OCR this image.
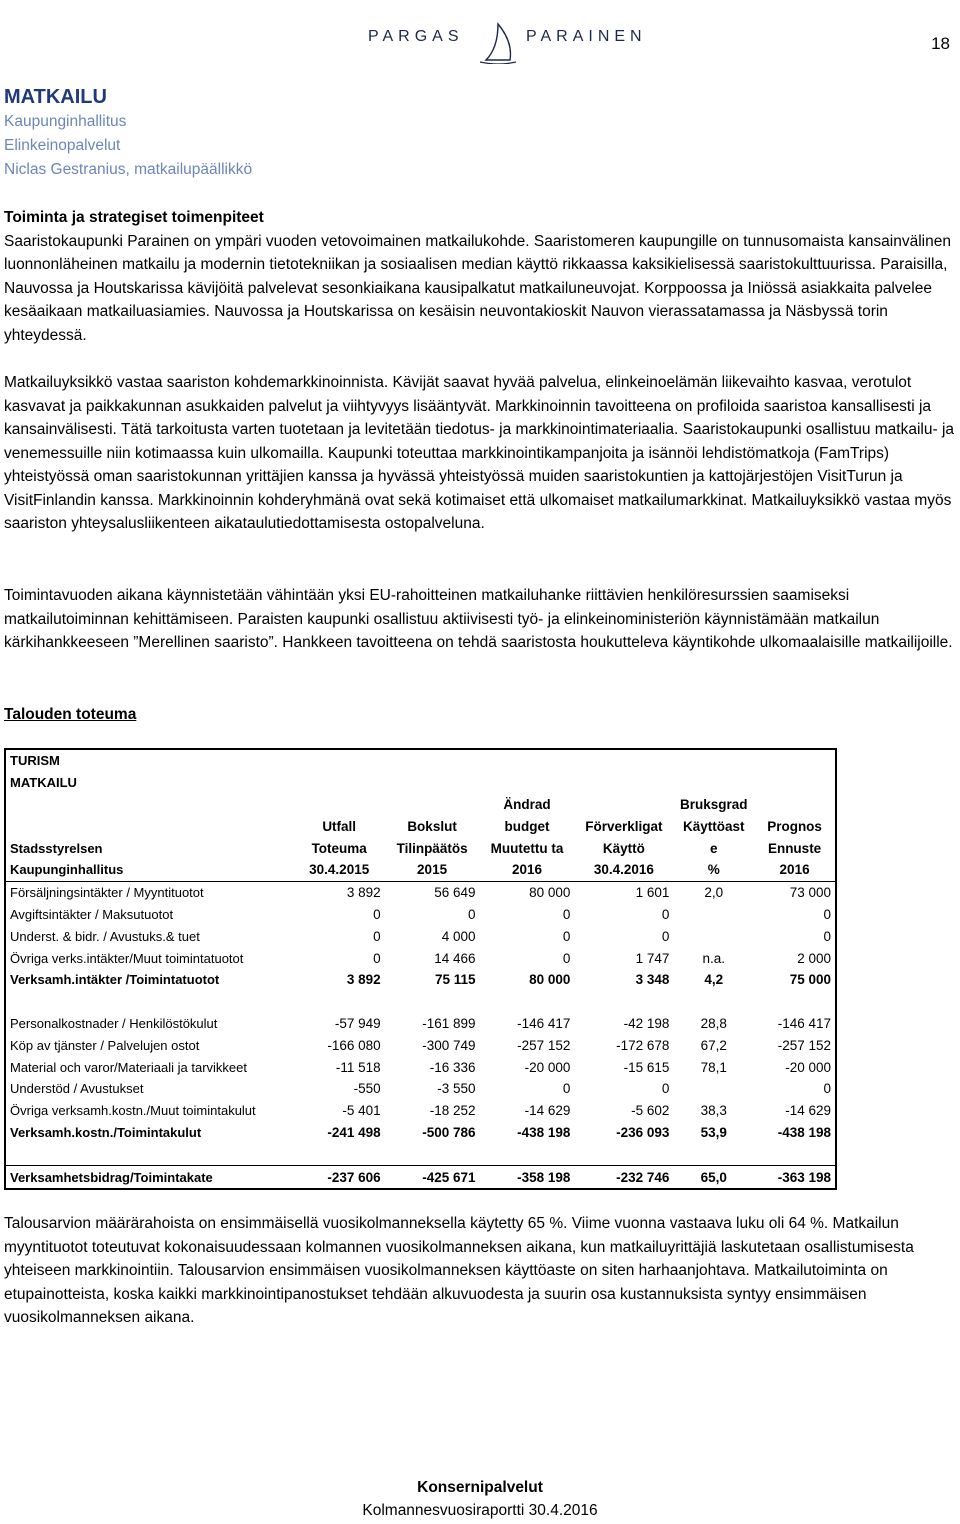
PARGAS	PARAINEN	18
MATKAILU
Kaupunginhallitus
Elinkeinopalvelut
Niclas Gestranius, matkailupäällikkö

Toiminta ja strategiset toimenpiteet

Saaristokaupunki Parainen on ympäri vuoden vetovoimainen matkailukohde. Saaristomeren kaupungille on tunnusomaista kansainvälinen luonnonläheinen matkailu ja modernin tietotekniikan ja sosiaalisen median käyttö rikkaassa kaksikielisessä saaristokulttuurissa. Paraisilla, Nauvossa ja Houtskarissa kävijöitä palvelevat sesonkiaikana kausipalkatut matkailuneuvojat. Korppoossa ja Iniössä asiakkaita palvelee kesäaikaan matkailuasiamies. Nauvossa ja Houtskarissa on kesäisin neuvontakioskit Nauvon vierassatamassa ja Näsbyssä torin yhteydessä.

Matkailuyksikkö vastaa saariston kohdemarkkinoinnista. Kävijät saavat hyvää palvelua, elinkeinoelämän liikevaihto kasvaa, verotulot kasvavat ja paikkakunnan asukkaiden palvelut ja viihtyvyys lisääntyvät. Markkinoinnin tavoitteena on profiloida saaristoa kansallisesti ja kansainvälisesti. Tätä tarkoitusta varten tuotetaan ja levitetään tiedotus- ja markkinointimateriaalia. Saaristokaupunki osallistuu matkailu- ja venemessuille niin kotimaassa kuin ulkomailla. Kaupunki toteuttaa markkinointikampanjoita ja isännöi lehdistömatkoja (FamTrips) yhteistyössä oman saaristokunnan yrittäjien kanssa ja hyvässä yhteistyössä muiden saaristokuntien ja kattojärjestöjen VisitTurun ja VisitFinlandin kanssa. Markkinoinnin kohderyhmänä ovat sekä kotimaiset että ulkomaiset matkailumarkkinat. Matkailuyksikkö vastaa myös saariston yhteysalusliikenteen aikataulutiedottamisesta ostopalveluna.

Toimintavuoden aikana käynnistetään vähintään yksi EU-rahoitteinen matkailuhanke riittävien henkilöresurssien saamiseksi matkailutoiminnan kehittämiseen. Paraisten kaupunki osallistuu aktiivisesti työ- ja elinkeinoministeriön käynnistämään matkailun kärkihankkeeseen ”Merellinen saaristo”. Hankkeen tavoitteena on tehdä saaristosta houkutteleva käyntikohde ulkomaalaisille matkailijoille.

Talouden toteuma

TURISM						
MATKAILU						
			Ändrad		Bruksgrad	
	Utfall	Bokslut	budget	Förverkligat	Käyttöast	Prognos
Stadsstyrelsen	Toteuma	Tilinpäätös	Muutettu ta	Käyttö	e	Ennuste
Kaupunginhallitus	30.4.2015	2015	2016	30.4.2016	%	2016
Försäljningsintäkter / Myyntituotot	3 892	56 649	80 000	1 601	2,0	73 000
Avgiftsintäkter / Maksutuotot	0	0	0	0		0
Underst. & bidr. / Avustuks.& tuet	0	4 000	0	0		0
Övriga verks.intäkter/Muut toimintatuotot	0	14 466	0	1 747	n.a.	2 000
Verksamh.intäkter /Toimintatuotot	3 892	75 115	80 000	3 348	4,2	75 000

Personalkostnader / Henkilöstökulut	-57 949	-161 899	-146 417	-42 198	28,8	-146 417
Köp av tjänster / Palvelujen ostot	-166 080	-300 749	-257 152	-172 678	67,2	-257 152
Material och varor/Materiaali ja tarvikkeet	-11 518	-16 336	-20 000	-15 615	78,1	-20 000
Understöd / Avustukset	-550	-3 550	0	0		0
Övriga verksamh.kostn./Muut toimintakulut	-5 401	-18 252	-14 629	-5 602	38,3	-14 629
Verksamh.kostn./Toimintakulut	-241 498	-500 786	-438 198	-236 093	53,9	-438 198

Verksamhetsbidrag/Toimintakate	-237 606	-425 671	-358 198	-232 746	65,0	-363 198

Talousarvion määrärahoista on ensimmäisellä vuosikolmanneksella käytetty 65 %. Viime vuonna vastaava luku oli 64 %. Matkailun myyntituotot toteutuvat kokonaisuudessaan kolmannen vuosikolmanneksen aikana, kun matkailuyrittäjiä laskutetaan osallistumisesta yhteiseen markkinointiin. Talousarvion ensimmäisen vuosikolmanneksen käyttöaste on siten harhaanjohtava. Matkailutoiminta on etupainotteista, koska kaikki markkinointipanostukset tehdään alkuvuodesta ja suurin osa kustannuksista syntyy ensimmäisen vuosikolmanneksen aikana.

Konsernipalvelut
Kolmannesvuosiraportti 30.4.2016
